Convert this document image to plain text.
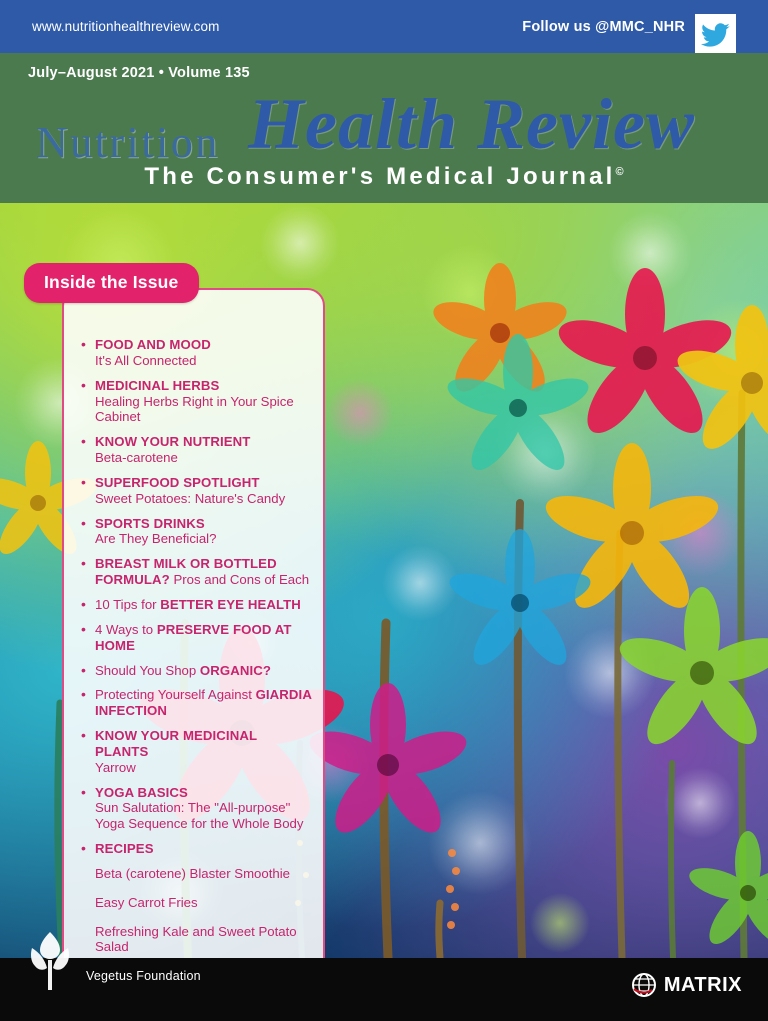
www.nutritionhealthreview.com	Follow us @MMC_NHR
July–August 2021 • Volume 135
Nutrition Health Review
The Consumer's Medical Journal©
Inside the Issue
• FOOD AND MOOD
It's All Connected
• MEDICINAL HERBS
Healing Herbs Right in Your Spice Cabinet
• KNOW YOUR NUTRIENT
Beta-carotene
• SUPERFOOD SPOTLIGHT
Sweet Potatoes: Nature's Candy
• SPORTS DRINKS
Are They Beneficial?
• BREAST MILK OR BOTTLED FORMULA? Pros and Cons of Each
• 10 Tips for BETTER EYE HEALTH
• 4 Ways to PRESERVE FOOD AT HOME
• Should You Shop ORGANIC?
• Protecting Yourself Against GIARDIA INFECTION
• KNOW YOUR MEDICINAL PLANTS
Yarrow
• YOGA BASICS
Sun Salutation: The "All-purpose" Yoga Sequence for the Whole Body
• RECIPES
Beta (carotene) Blaster Smoothie
Easy Carrot Fries
Refreshing Kale and Sweet Potato Salad
Vegetus Foundation	MATRIX
